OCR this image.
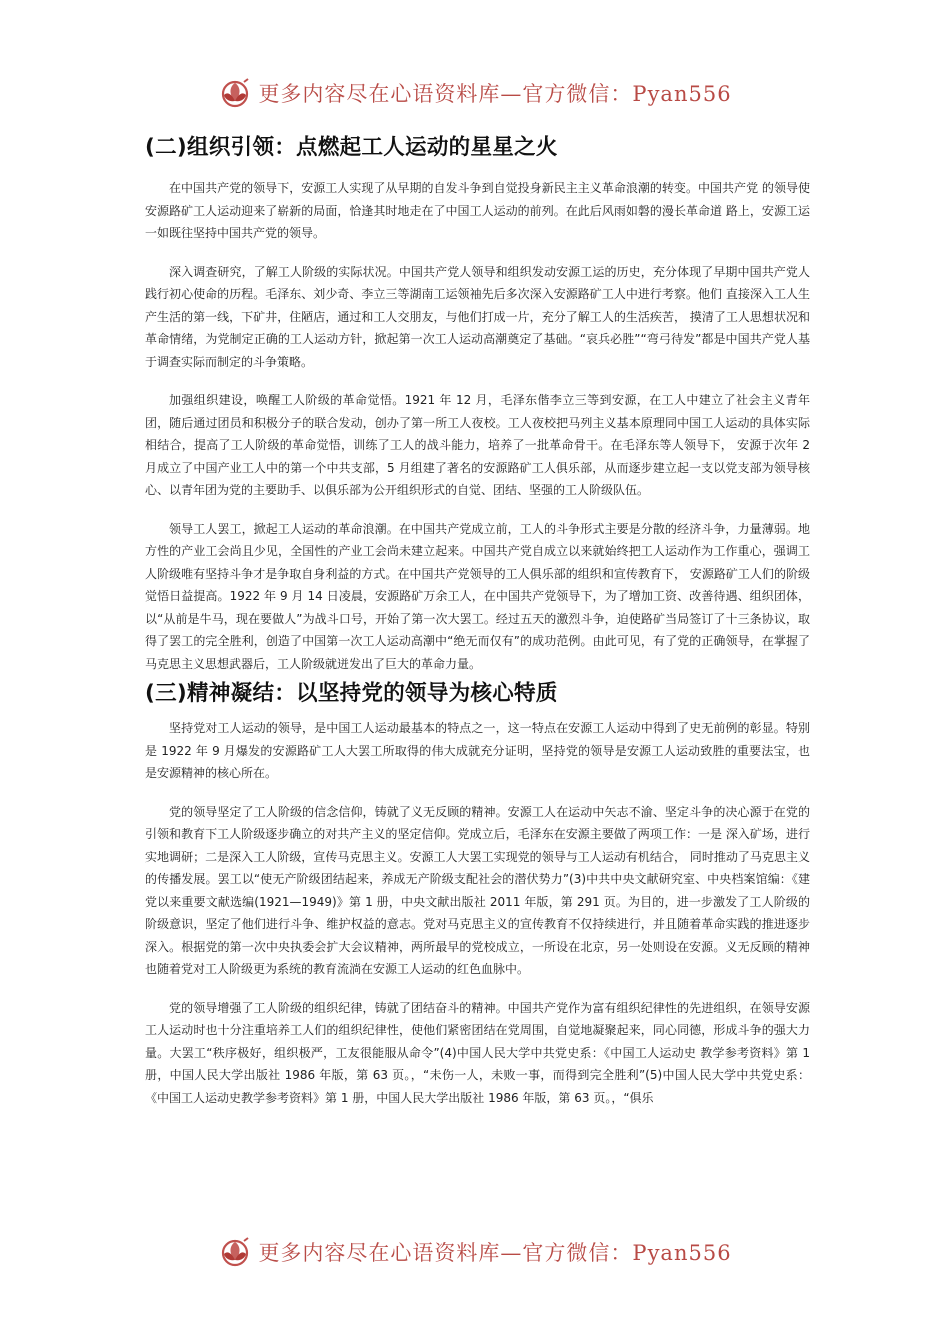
更多内容尽在心语资料库—官方微信：Pyan556
(二)组织引领：点燃起工人运动的星星之火

在中国共产党的领导下，安源工人实现了从早期的自发斗争到自觉投身新民主主义革命浪潮的转变。中国共产党 的领导使安源路矿工人运动迎来了崭新的局面，恰逢其时地走在了中国工人运动的前列。在此后风雨如磐的漫长革命道 路上，安源工运一如既往坚持中国共产党的领导。

深入调查研究，了解工人阶级的实际状况。中国共产党人领导和组织发动安源工运的历史，充分体现了早期中国共产党人践行初心使命的历程。毛泽东、刘少奇、李立三等湖南工运领袖先后多次深入安源路矿工人中进行考察。他们 直接深入工人生产生活的第一线，下矿井，住陋店，通过和工人交朋友，与他们打成一片，充分了解工人的生活疾苦， 摸清了工人思想状况和革命情绪，为党制定正确的工人运动方针，掀起第一次工人运动高潮奠定了基础。“哀兵必胜”“弯弓待发”都是中国共产党人基于调查实际而制定的斗争策略。

加强组织建设，唤醒工人阶级的革命觉悟。1921 年 12 月，毛泽东偕李立三等到安源，在工人中建立了社会主义青年团，随后通过团员和积极分子的联合发动，创办了第一所工人夜校。工人夜校把马列主义基本原理同中国工人运动的具体实际相结合，提高了工人阶级的革命觉悟，训练了工人的战斗能力，培养了一批革命骨干。在毛泽东等人领导下， 安源于次年 2 月成立了中国产业工人中的第一个中共支部，5 月组建了著名的安源路矿工人俱乐部，从而逐步建立起一支以党支部为领导核心、以青年团为党的主要助手、以俱乐部为公开组织形式的自觉、团结、坚强的工人阶级队伍。

领导工人罢工，掀起工人运动的革命浪潮。在中国共产党成立前，工人的斗争形式主要是分散的经济斗争，力量薄弱。地方性的产业工会尚且少见，全国性的产业工会尚未建立起来。中国共产党自成立以来就始终把工人运动作为工作重心，强调工人阶级唯有坚持斗争才是争取自身利益的方式。在中国共产党领导的工人俱乐部的组织和宣传教育下， 安源路矿工人们的阶级觉悟日益提高。1922 年 9 月 14 日凌晨，安源路矿万余工人，在中国共产党领导下，为了增加工资、改善待遇、组织团体，以“从前是牛马，现在要做人”为战斗口号，开始了第一次大罢工。经过五天的激烈斗争，迫使路矿当局签订了十三条协议，取得了罢工的完全胜利，创造了中国第一次工人运动高潮中“绝无而仅有”的成功范例。由此可见，有了党的正确领导，在掌握了马克思主义思想武器后，工人阶级就迸发出了巨大的革命力量。

(三)精神凝结：以坚持党的领导为核心特质

坚持党对工人运动的领导，是中国工人运动最基本的特点之一，这一特点在安源工人运动中得到了史无前例的彰显。特别是 1922 年 9 月爆发的安源路矿工人大罢工所取得的伟大成就充分证明，坚持党的领导是安源工人运动致胜的重要法宝，也是安源精神的核心所在。

党的领导坚定了工人阶级的信念信仰，铸就了义无反顾的精神。安源工人在运动中矢志不渝、坚定斗争的决心源于在党的引领和教育下工人阶级逐步确立的对共产主义的坚定信仰。党成立后，毛泽东在安源主要做了两项工作：一是 深入矿场，进行实地调研；二是深入工人阶级，宣传马克思主义。安源工人大罢工实现党的领导与工人运动有机结合， 同时推动了马克思主义的传播发展。罢工以“使无产阶级团结起来，养成无产阶级支配社会的潜伏势力”(3)中共中央文献研究室、中央档案馆编：《建党以来重要文献选编(1921—1949)》第 1 册，中央文献出版社 2011 年版，第 291 页。为目的，进一步激发了工人阶级的阶级意识，坚定了他们进行斗争、维护权益的意志。党对马克思主义的宣传教育不仅持续进行，并且随着革命实践的推进逐步深入。根据党的第一次中央执委会扩大会议精神，两所最早的党校成立，一所设在北京，另一处则设在安源。义无反顾的精神也随着党对工人阶级更为系统的教育流淌在安源工人运动的红色血脉中。

党的领导增强了工人阶级的组织纪律，铸就了团结奋斗的精神。中国共产党作为富有组织纪律性的先进组织，在领导安源工人运动时也十分注重培养工人们的组织纪律性，使他们紧密团结在党周围，自觉地凝聚起来，同心同德，形成斗争的强大力量。大罢工“秩序极好，组织极严，工友很能服从命令”(4)中国人民大学中共党史系：《中国工人运动史 教学参考资料》第 1 册，中国人民大学出版社 1986 年版，第 63 页。，“未伤一人，未败一事，而得到完全胜利”(5)中国人民大学中共党史系：《中国工人运动史教学参考资料》第 1 册，中国人民大学出版社 1986 年版，第 63 页。，“俱乐

更多内容尽在心语资料库—官方微信：Pyan556
